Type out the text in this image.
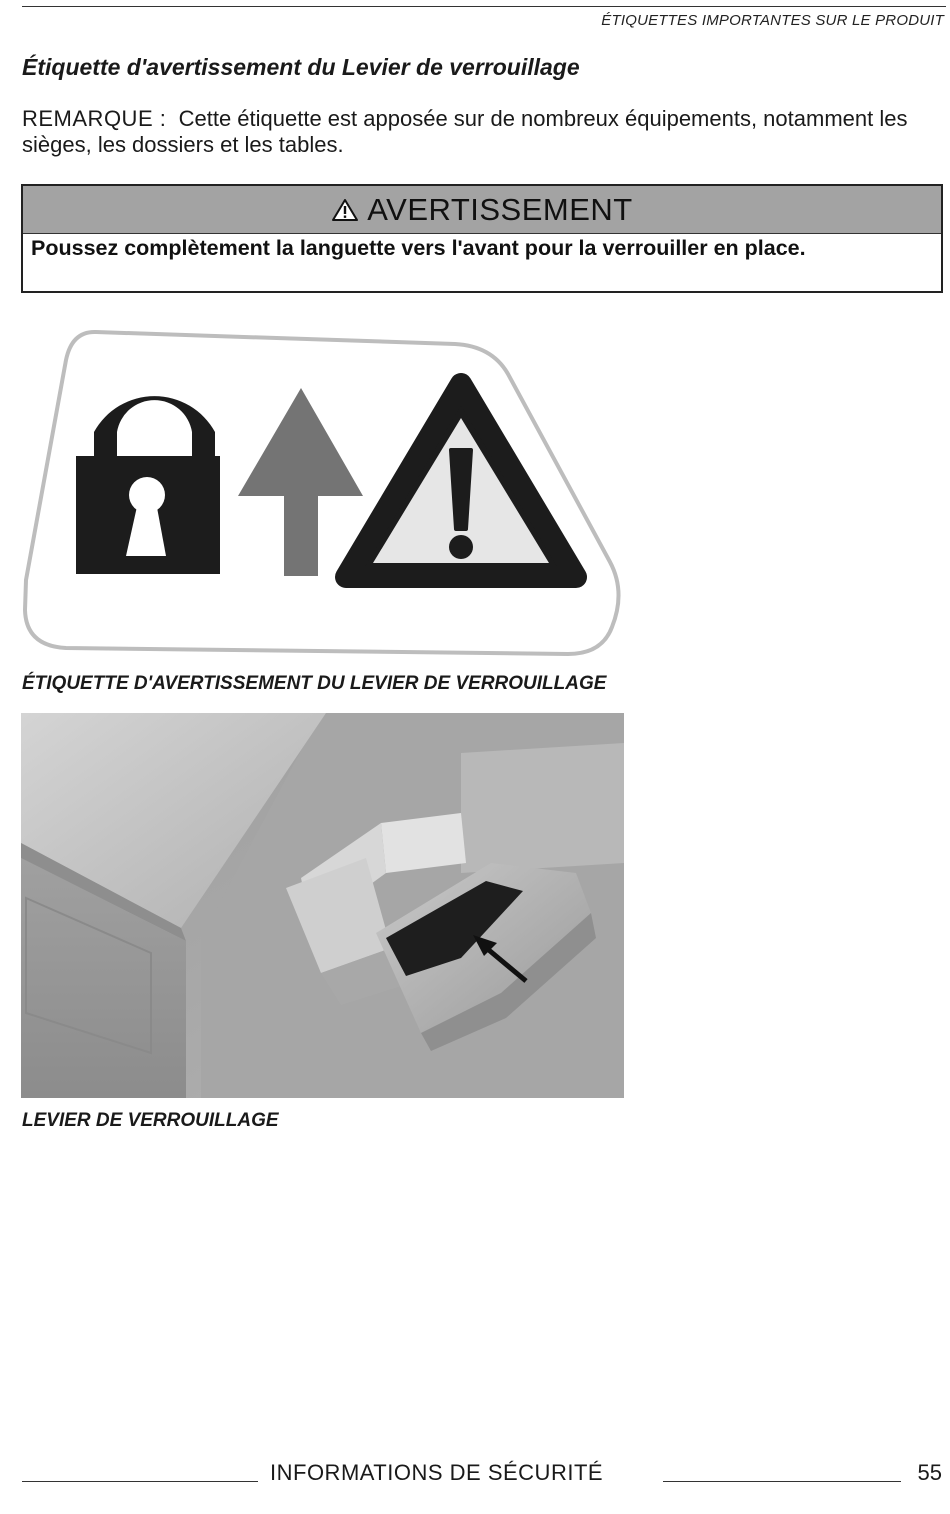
ÉTIQUETTES IMPORTANTES SUR LE PRODUIT
Étiquette d'avertissement du Levier de verrouillage
REMARQUE : Cette étiquette est apposée sur de nombreux équipements, notamment les sièges, les dossiers et les tables.
AVERTISSEMENT
Poussez complètement la languette vers l'avant pour la verrouiller en place.
ÉTIQUETTE D'AVERTISSEMENT DU LEVIER DE VERROUILLAGE
LEVIER DE VERROUILLAGE
INFORMATIONS DE SÉCURITÉ	55
